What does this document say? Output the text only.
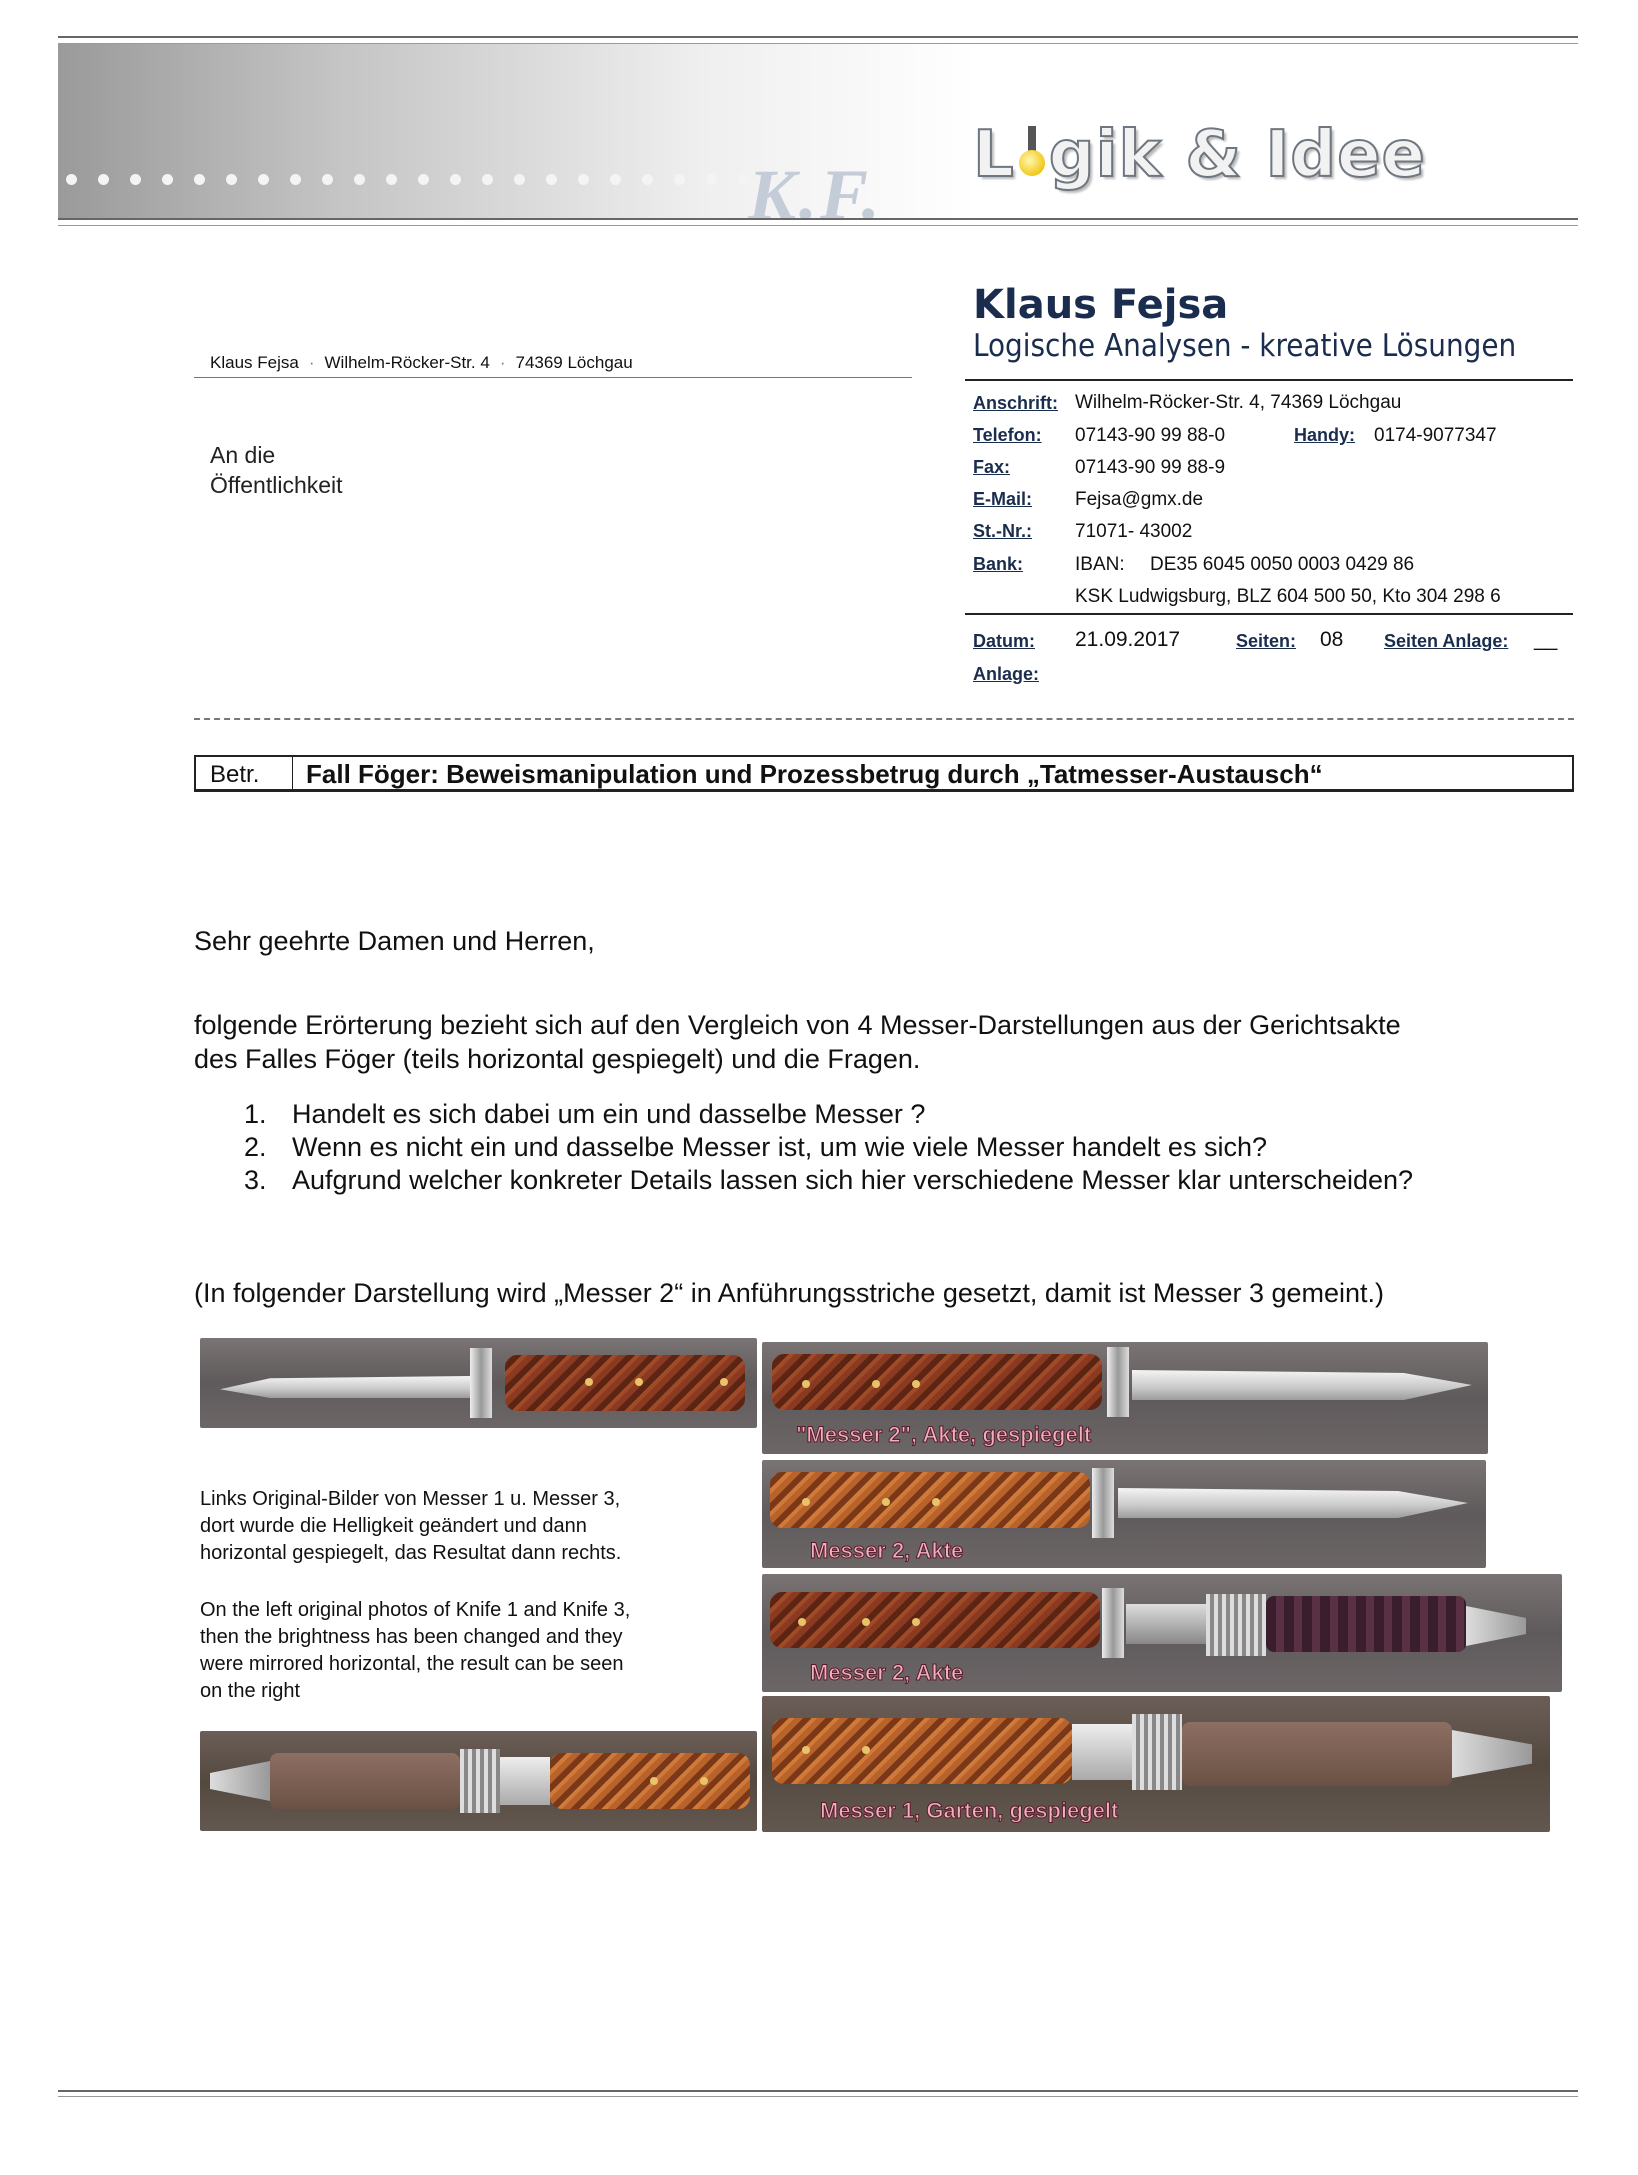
K.F. L gik & Idee
Klaus Fejsa · Wilhelm-Röcker-Str. 4 · 74369 Löchgau
An die
Öffentlichkeit
Klaus Fejsa
Logische Analysen - kreative Lösungen
Anschrift: Wilhelm-Röcker-Str. 4, 74369 Löchgau
Telefon: 07143-90 99 88-0	Handy: 0174-9077347
Fax:	07143-90 99 88-9
E-Mail: Fejsa@gmx.de
St.-Nr.: 71071- 43002
Bank:	IBAN: DE35 6045 0050 0003 0429 86
KSK Ludwigsburg, BLZ 604 500 50, Kto 304 298 6
Datum: 21.09.2017	Seiten: 08 Seiten Anlage: __
Anlage:
Betr. Fall Föger: Beweismanipulation und Prozessbetrug durch „Tatmesser-Austausch“
Sehr geehrte Damen und Herren,
folgende Erörterung bezieht sich auf den Vergleich von 4 Messer-Darstellungen aus der Gerichtsakte
des Falles Föger (teils horizontal gespiegelt) und die Fragen.
1. Handelt es sich dabei um ein und dasselbe Messer ?
2. Wenn es nicht ein und dasselbe Messer ist, um wie viele Messer handelt es sich?
3. Aufgrund welcher konkreter Details lassen sich hier verschiedene Messer klar unterscheiden?
(In folgender Darstellung wird „Messer 2“ in Anführungsstriche gesetzt, damit ist Messer 3 gemeint.)
"Messer 2", Akte, gespiegelt
Links Original-Bilder von Messer 1 u. Messer 3,
dort wurde die Helligkeit geändert und dann
horizontal gespiegelt, das Resultat dann rechts.
On the left original photos of Knife 1 and Knife 3,
then the brightness has been changed and they
were mirrored horizontal, the result can be seen
on the right
Messer 2, Akte
Messer 2, Akte
Messer 1, Garten, gespiegelt
